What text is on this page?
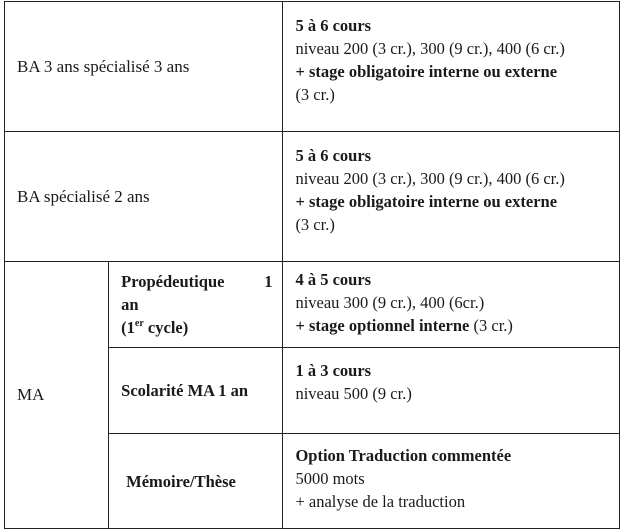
BA 3 ans spécialisé 3 ans		5 à 6 cours
niveau 200 (3 cr.), 300 (9 cr.), 400 (6 cr.)
+ stage obligatoire interne ou externe
(3 cr.)

BA spécialisé 2 ans		5 à 6 cours
niveau 200 (3 cr.), 300 (9 cr.), 400 (6 cr.)
+ stage obligatoire interne ou externe
(3 cr.)

MA	Propédeutique 1
an
(1er cycle)	4 à 5 cours
niveau 300 (9 cr.), 400 (6cr.)
+ stage optionnel interne (3 cr.)

	Scolarité MA 1 an	1 à 3 cours
niveau 500 (9 cr.)

	Mémoire/Thèse	Option Traduction commentée
5000 mots
+ analyse de la traduction
